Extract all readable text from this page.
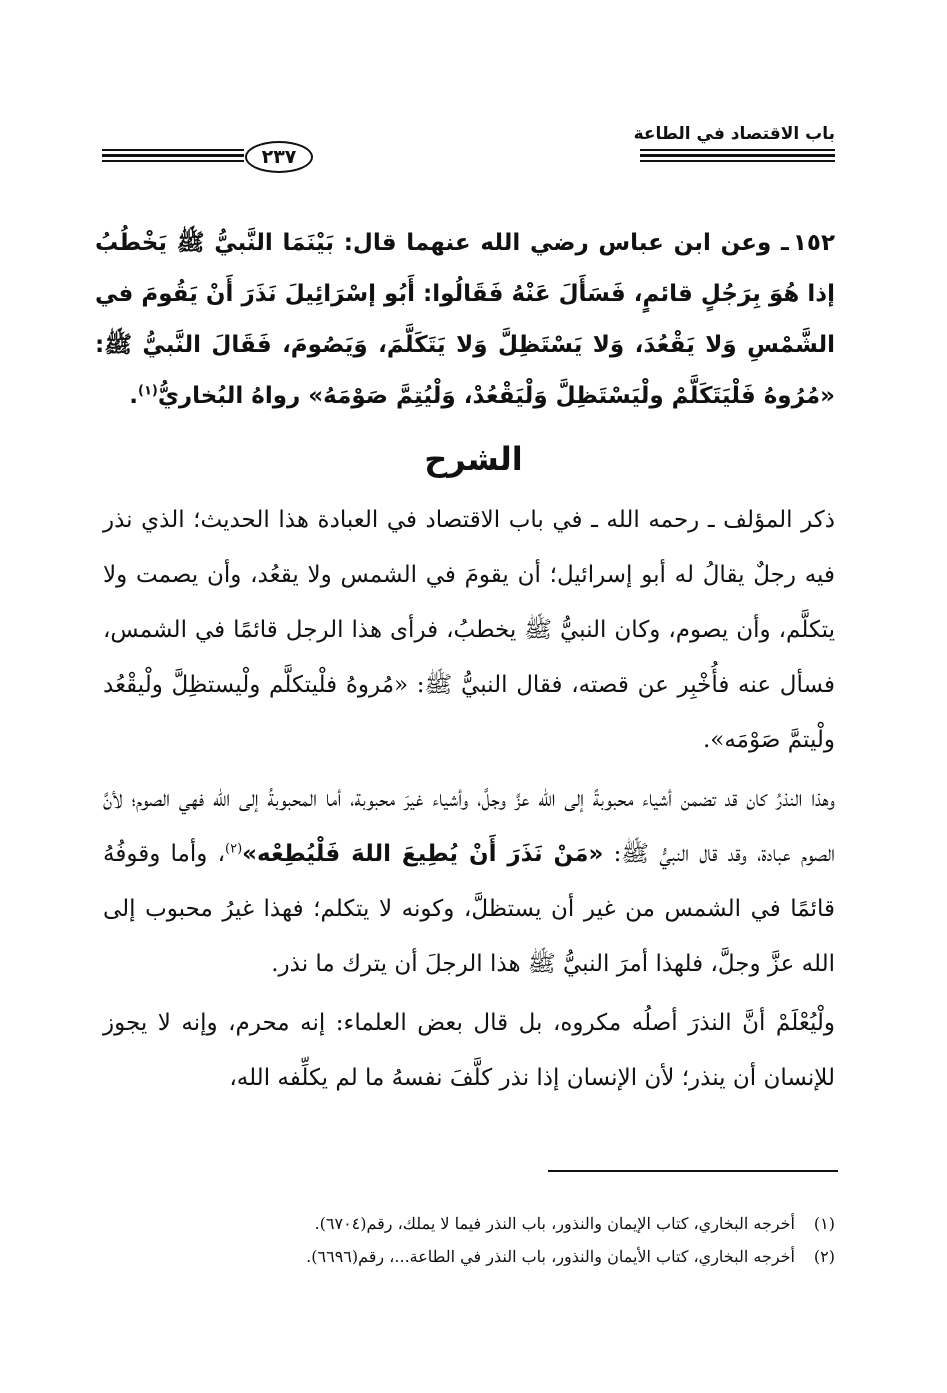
باب الاقتصاد في الطاعة
٢٣٧
١٥٢ـ وعن ابن عباس رضي الله عنهما قال: بَيْنَمَا النَّبيُّ ﷺ يَخْطُبُ إذا هُوَ بِرَجُلٍ قائمٍ، فَسَأَلَ عَنْهُ فَقَالُوا: أَبُو إسْرَائِيلَ نَذَرَ أَنْ يَقُومَ في الشَّمْسِ وَلا يَقْعُدَ، وَلا يَسْتَظِلَّ وَلا يَتَكَلَّمَ، وَيَصُومَ، فَقَالَ النَّبيُّ ﷺ: «مُرُوهُ فَلْيَتَكَلَّمْ ولْيَسْتَظِلَّ وَلْيَقْعُدْ، وَلْيُتِمَّ صَوْمَهُ» رواهُ البُخاريُّ$^{(١)}$.
الشرح

ذكر المؤلف ـ رحمه الله ـ في باب الاقتصاد في العبادة هذا الحديث؛ الذي نذر فيه رجلٌ يقالُ له أبو إسرائيل؛ أن يقومَ في الشمس ولا يقعُد، وأن يصمت ولا يتكلَّم، وأن يصوم، وكان النبيُّ ﷺ يخطبُ، فرأى هذا الرجل قائمًا في الشمس، فسأل عنه فأُخْبِر عن قصته، فقال النبيُّ ﷺ: «مُروهُ فلْيتكلَّم ولْيستظِلَّ ولْيقْعُد ولْيتمَّ صَوْمَه».

وهذا النذرُ كان قد تضمن أشياء محبوبةً إلى الله عزَّ وجلَّ، وأشياء غيرَ محبوبة، أما المحبوبةُ إلى الله فهي الصوم؛ لأنَّ الصوم عبادة، وقد قال النبيُّ ﷺ: «مَنْ نَذَرَ أَنْ يُطِيعَ اللهَ فَلْيُطِعْه»$^{(٢)}$، وأما وقوفُهُ قائمًا في الشمس من غير أن يستظلَّ، وكونه لا يتكلم؛ فهذا غيرُ محبوب إلى الله عزَّ وجلَّ، فلهذا أمرَ النبيُّ ﷺ هذا الرجلَ أن يترك ما نذر.

ولْيُعْلَمْ أنَّ النذرَ أصلُه مكروه، بل قال بعض العلماء: إنه محرم، وإنه لا يجوز للإنسان أن ينذر؛ لأن الإنسان إذا نذر كلَّفَ نفسهُ ما لم يكلِّفه الله،

(١)أخرجه البخاري، كتاب الإيمان والنذور، باب النذر فيما لا يملك، رقم(٦٧٠٤).

(٢)أخرجه البخاري، كتاب الأيمان والنذور، باب النذر في الطاعة...، رقم(٦٦٩٦).
